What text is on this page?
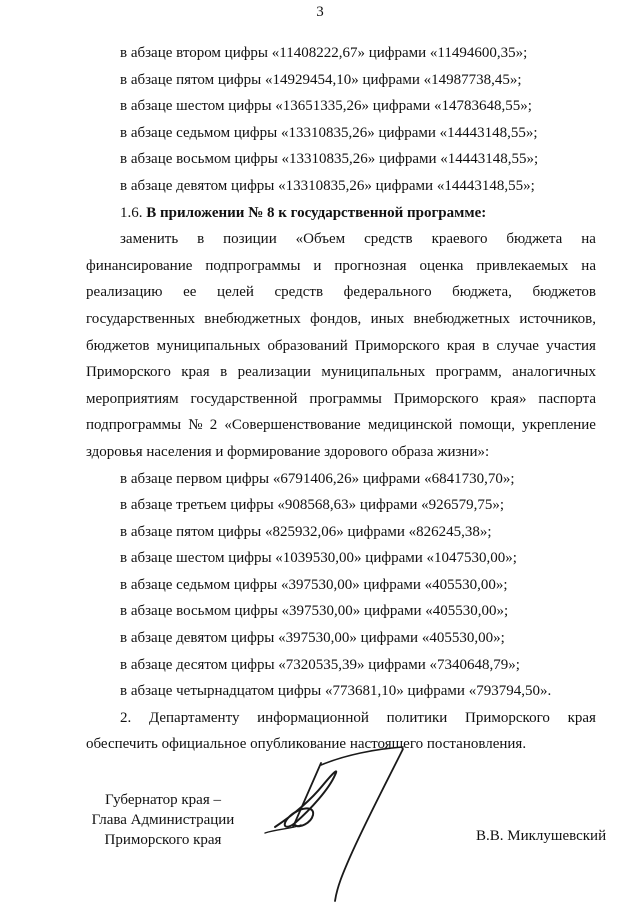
3
в абзаце втором цифры «11408222,67» цифрами «11494600,35»;
в абзаце пятом цифры «14929454,10» цифрами «14987738,45»;
в абзаце шестом цифры «13651335,26» цифрами «14783648,55»;
в абзаце седьмом цифры «13310835,26» цифрами «14443148,55»;
в абзаце восьмом цифры «13310835,26» цифрами «14443148,55»;
в абзаце девятом цифры «13310835,26» цифрами «14443148,55»;
1.6. В приложении № 8 к государственной программе:
заменить в позиции «Объем средств краевого бюджета на
финансирование подпрограммы и прогнозная оценка привлекаемых на
реализацию ее целей средств федерального бюджета, бюджетов
государственных внебюджетных фондов, иных внебюджетных источников,
бюджетов муниципальных образований Приморского края в случае участия
Приморского края в реализации муниципальных программ, аналогичных
мероприятиям государственной программы Приморского края» паспорта
подпрограммы № 2 «Совершенствование медицинской помощи, укрепление
здоровья населения и формирование здорового образа жизни»:
в абзаце первом цифры «6791406,26» цифрами «6841730,70»;
в абзаце третьем цифры «908568,63» цифрами «926579,75»;
в абзаце пятом цифры «825932,06» цифрами «826245,38»;
в абзаце шестом цифры «1039530,00» цифрами «1047530,00»;
в абзаце седьмом цифры «397530,00» цифрами «405530,00»;
в абзаце восьмом цифры «397530,00» цифрами «405530,00»;
в абзаце девятом цифры «397530,00» цифрами «405530,00»;
в абзаце десятом цифры «7320535,39» цифрами «7340648,79»;
в абзаце четырнадцатом цифры «773681,10» цифрами «793794,50».
2. Департаменту информационной политики Приморского края
обеспечить официальное опубликование настоящего постановления.
Губернатор края –
Глава Администрации
Приморского края	В.В. Миклушевский
